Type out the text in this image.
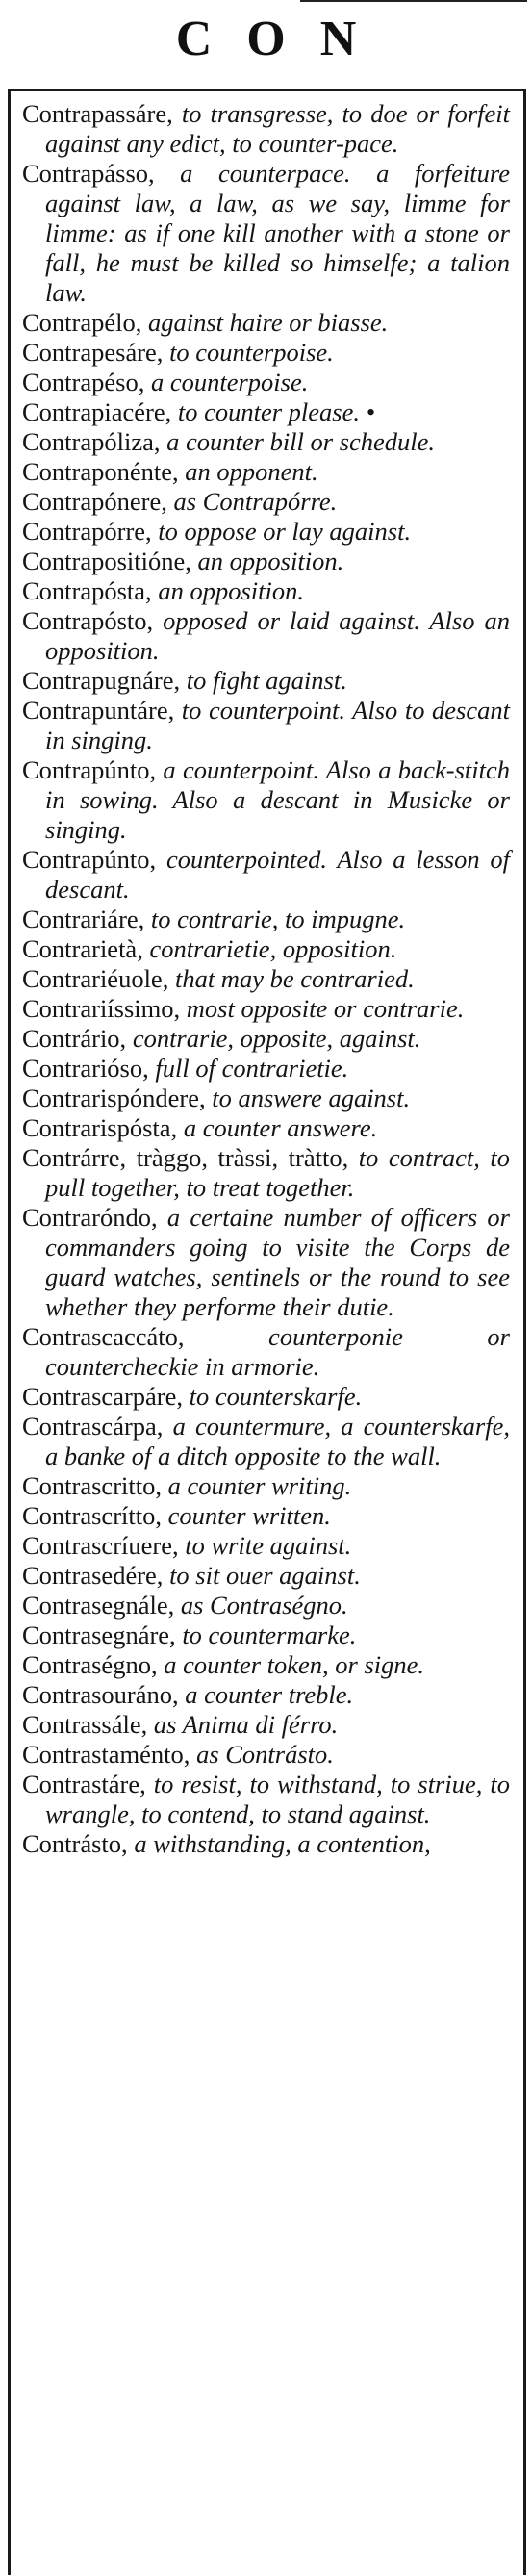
CON

Contrapassáre, to transgresse, to doe or forfeit against any edict, to counter-pace.

Contrapásso, a counterpace. a forfeiture against law, a law, as we say, limme for limme: as if one kill another with a stone or fall, he must be killed so himselfe; a talion law.

Contrapélo, against haire or biasse.

Contrapesáre, to counterpoise.

Contrapéso, a counterpoise.

Contrapiacére, to counter please. •

Contrapóliza, a counter bill or schedule.

Contraponénte, an opponent.

Contrapónere, as Contrapórre.

Contrapórre, to oppose or lay against.

Contrapositióne, an opposition.

Contrapósta, an opposition.

Contrapósto, opposed or laid against. Also an opposition.

Contrapugnáre, to fight against.

Contrapuntáre, to counterpoint. Also to descant in singing.

Contrapúnto, a counterpoint. Also a back-stitch in sowing. Also a descant in Musicke or singing.

Contrapúnto, counterpointed. Also a lesson of descant.

Contrariáre, to contrarie, to impugne.

Contrarietà, contrarietie, opposition.

Contrariéuole, that may be contraried.

Contrariíssimo, most opposite or contrarie.

Contrário, contrarie, opposite, against.

Contrarióso, full of contrarietie.

Contrarispóndere, to answere against.

Contrarispósta, a counter answere.

Contrárre, tràggo, tràssi, tràtto, to contract, to pull together, to treat together.

Contraróndo, a certaine number of officers or commanders going to visite the Corps de guard watches, sentinels or the round to see whether they performe their dutie.

Contrascaccáto, counterponie or countercheckie in armorie.

Contrascarpáre, to counterskarfe.

Contrascárpa, a countermure, a counterskarfe, a banke of a ditch opposite to the wall.

Contrascritto, a counter writing.

Contrascrítto, counter written.

Contrascríuere, to write against.

Contrasedére, to sit ouer against.

Contrasegnále, as Contraségno.

Contrasegnáre, to countermarke.

Contraségno, a counter token, or signe.

Contrasouráno, a counter treble.

Contrassále, as Anima di férro.

Contrastaménto, as Contrásto.

Contrastáre, to resist, to withstand, to striue, to wrangle, to contend, to stand against.

Contrásto, a withstanding, a contention,
